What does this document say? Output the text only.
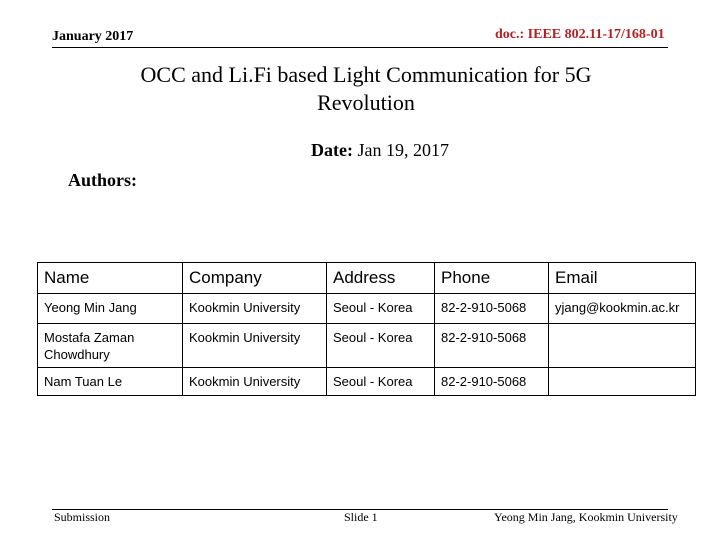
January 2017	doc.: IEEE 802.11-17/168-01
OCC and Li.Fi based Light Communication for 5G
Revolution
Date: Jan 19, 2017
Authors:
Name	Company	Address	Phone	Email
Yeong Min Jang	Kookmin University	Seoul - Korea	82-2-910-5068	yjang@kookmin.ac.kr
Mostafa Zaman Chowdhury	Kookmin University	Seoul - Korea	82-2-910-5068	
Nam Tuan Le	Kookmin University	Seoul - Korea	82-2-910-5068	
Submission	Slide 1	Yeong Min Jang, Kookmin University
